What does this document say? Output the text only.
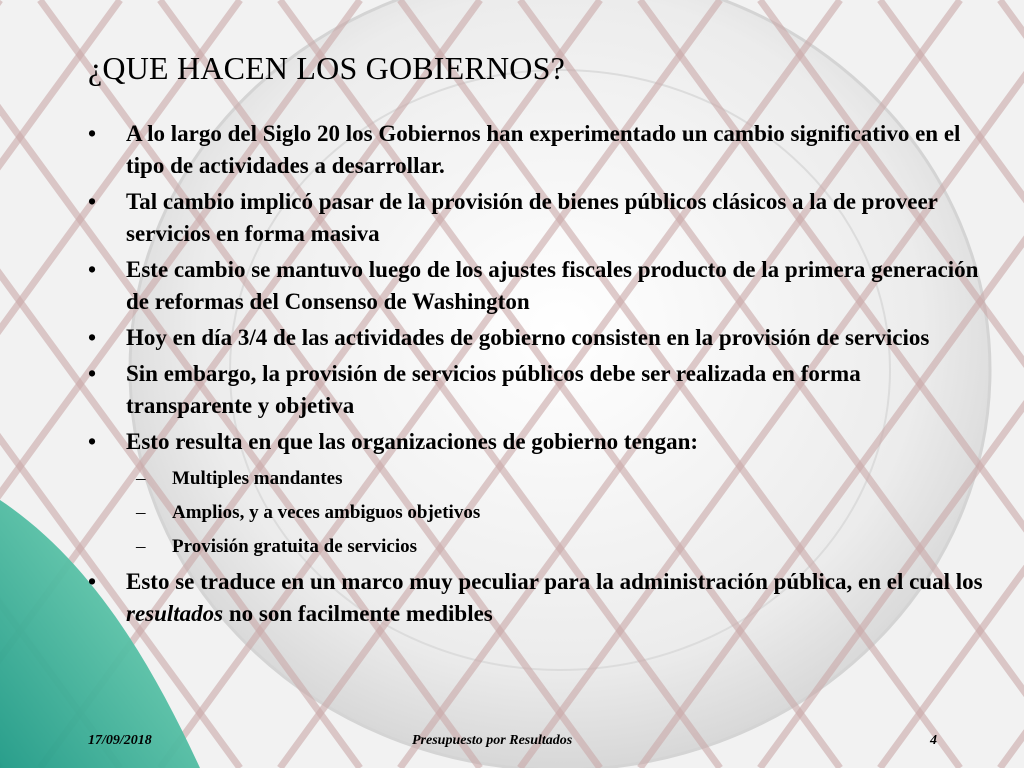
¿QUE HACEN LOS GOBIERNOS?
• A lo largo del Siglo 20 los Gobiernos han experimentado un cambio significativo en el tipo de actividades a desarrollar.
• Tal cambio implicó pasar de la provisión de bienes públicos clásicos a la de proveer servicios en forma masiva
• Este cambio se mantuvo luego de los ajustes fiscales producto de la primera generación de reformas del Consenso de Washington
• Hoy en día 3/4 de las actividades de gobierno consisten en la provisión de servicios
• Sin embargo, la provisión de servicios públicos debe ser realizada en forma transparente y objetiva
• Esto resulta en que las organizaciones de gobierno tengan:
– Multiples mandantes
– Amplios, y a veces ambiguos objetivos
– Provisión gratuita de servicios
• Esto se traduce en un marco muy peculiar para la administración pública, en el cual los resultados no son facilmente medibles
17/09/2018	Presupuesto por Resultados	4
